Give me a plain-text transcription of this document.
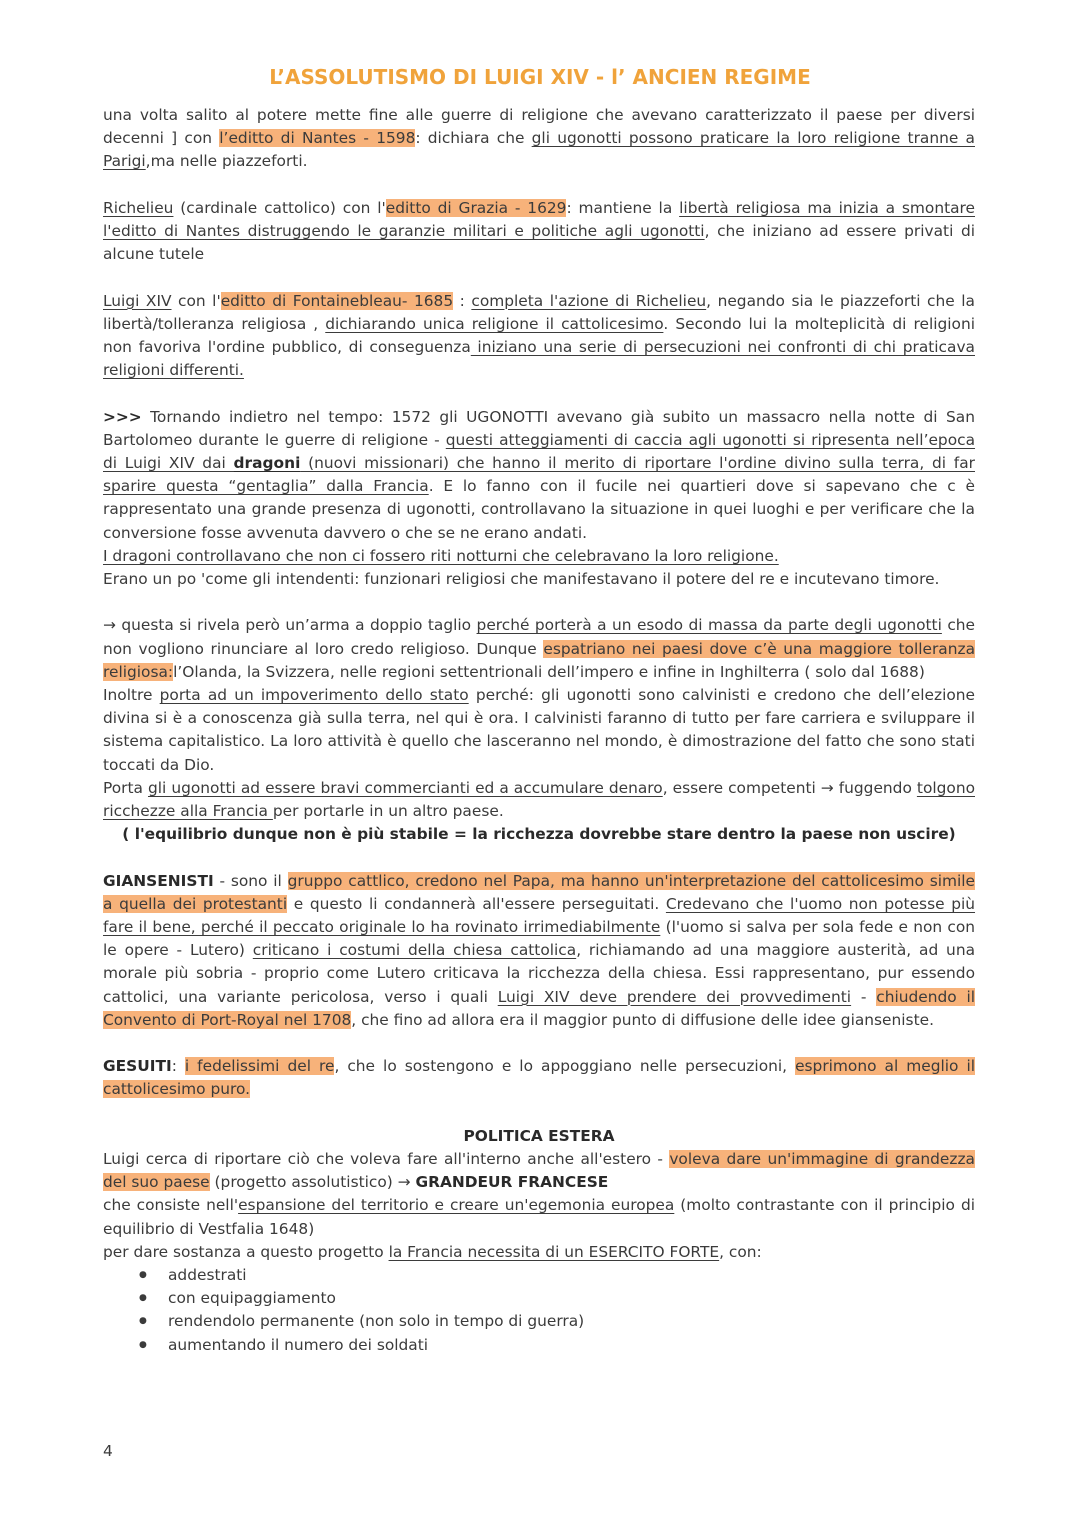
L’ASSOLUTISMO DI LUIGI XIV - l’ ANCIEN REGIME

una volta salito al potere mette fine alle guerre di religione che avevano caratterizzato il paese per diversi decenni ] con l’editto di Nantes - 1598: dichiara che gli ugonotti possono praticare la loro religione tranne a Parigi,ma nelle piazzeforti.

Richelieu (cardinale cattolico) con l'editto di Grazia - 1629: mantiene la libertà religiosa ma inizia a smontare l'editto di Nantes distruggendo le garanzie militari e politiche agli ugonotti, che iniziano ad essere privati di alcune tutele

Luigi XIV con l'editto di Fontainebleau- 1685 : completa l'azione di Richelieu, negando sia le piazzeforti che la libertà/tolleranza religiosa , dichiarando unica religione il cattolicesimo. Secondo lui la molteplicità di religioni non favoriva l'ordine pubblico, di conseguenza iniziano una serie di persecuzioni nei confronti di chi praticava religioni differenti.

>>> Tornando indietro nel tempo: 1572 gli UGONOTTI avevano già subito un massacro nella notte di San Bartolomeo durante le guerre di religione - questi atteggiamenti di caccia agli ugonotti si ripresenta nell’epoca di Luigi XIV dai dragoni (nuovi missionari) che hanno il merito di riportare l'ordine divino sulla terra, di far sparire questa “gentaglia” dalla Francia. E lo fanno con il fucile nei quartieri dove si sapevano che c è rappresentato una grande presenza di ugonotti, controllavano la situazione in quei luoghi e per verificare che la conversione fosse avvenuta davvero o che se ne erano andati.

I dragoni controllavano che non ci fossero riti notturni che celebravano la loro religione.

Erano un po 'come gli intendenti: funzionari religiosi che manifestavano il potere del re e incutevano timore.

→ questa si rivela però un’arma a doppio taglio perché porterà a un esodo di massa da parte degli ugonotti che non vogliono rinunciare al loro credo religioso. Dunque espatriano nei paesi dove c’è una maggiore tolleranza religiosa:l’Olanda, la Svizzera, nelle regioni settentrionali dell’impero e infine in Inghilterra ( solo dal 1688)

Inoltre porta ad un impoverimento dello stato perché: gli ugonotti sono calvinisti e credono che dell’elezione divina si è a conoscenza già sulla terra, nel qui è ora. I calvinisti faranno di tutto per fare carriera e sviluppare il sistema capitalistico. La loro attività è quello che lasceranno nel mondo, è dimostrazione del fatto che sono stati toccati da Dio.

Porta gli ugonotti ad essere bravi commercianti ed a accumulare denaro, essere competenti → fuggendo tolgono ricchezze alla Francia per portarle in un altro paese.

( l'equilibrio dunque non è più stabile = la ricchezza dovrebbe stare dentro la paese non uscire)

GIANSENISTI - sono il gruppo cattlico, credono nel Papa, ma hanno un'interpretazione del cattolicesimo simile a quella dei protestanti e questo li condannerà all'essere perseguitati. Credevano che l'uomo non potesse più fare il bene, perché il peccato originale lo ha rovinato irrimediabilmente (l'uomo si salva per sola fede e non con le opere - Lutero) criticano i costumi della chiesa cattolica, richiamando ad una maggiore austerità, ad una morale più sobria - proprio come Lutero criticava la ricchezza della chiesa. Essi rappresentano, pur essendo cattolici, una variante pericolosa, verso i quali Luigi XIV deve prendere dei provvedimenti - chiudendo il Convento di Port-Royal nel 1708, che fino ad allora era il maggior punto di diffusione delle idee gianseniste.

GESUITI: i fedelissimi del re, che lo sostengono e lo appoggiano nelle persecuzioni, esprimono al meglio il cattolicesimo puro.

POLITICA ESTERA

Luigi cerca di riportare ciò che voleva fare all'interno anche all'estero - voleva dare un'immagine di grandezza del suo paese (progetto assolutistico) → GRANDEUR FRANCESE

che consiste nell'espansione del territorio e creare un'egemonia europea (molto contrastante con il principio di equilibrio di Vestfalia 1648)

per dare sostanza a questo progetto la Francia necessita di un ESERCITO FORTE, con:

● addestrati
● con equipaggiamento
● rendendolo permanente (non solo in tempo di guerra)
● aumentando il numero dei soldati
4
